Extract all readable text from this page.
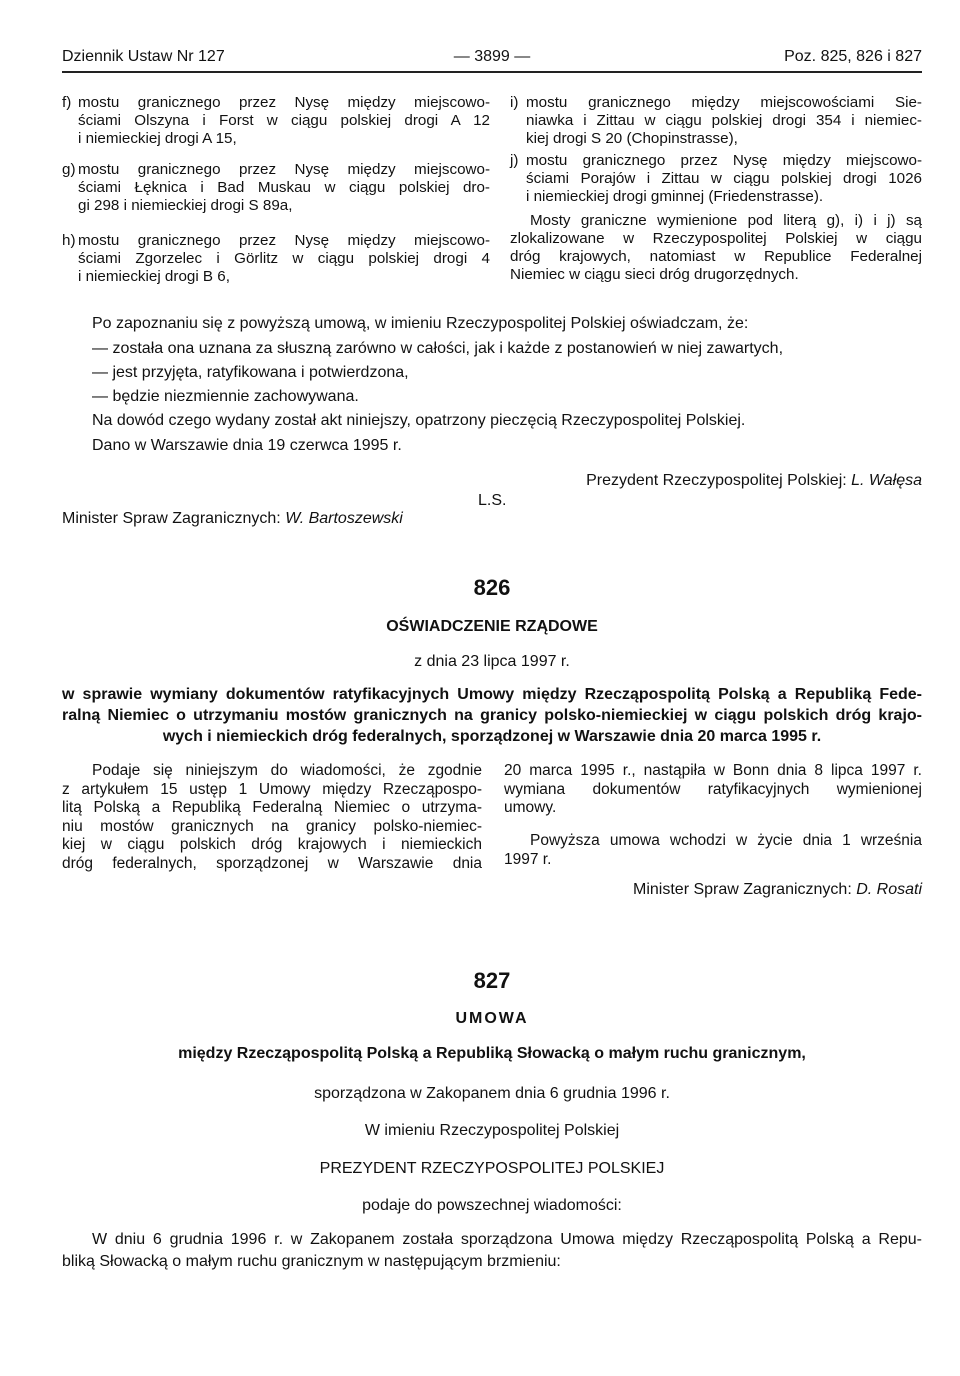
Dziennik Ustaw Nr 127	— 3899 —	Poz. 825, 826 i 827
f) mostu granicznego przez Nysę między miejscowo-
ściami Olszyna i Forst w ciągu polskiej drogi A 12
i niemieckiej drogi A 15,
g) mostu granicznego przez Nysę między miejscowo-
ściami Łęknica i Bad Muskau w ciągu polskiej dro-
gi 298 i niemieckiej drogi S 89a,
h) mostu granicznego przez Nysę między miejscowo-
ściami Zgorzelec i Görlitz w ciągu polskiej drogi 4
i niemieckiej drogi B 6,
i) mostu granicznego między miejscowościami Sie-
niawka i Zittau w ciągu polskiej drogi 354 i niemiec-
kiej drogi S 20 (Chopinstrasse),
j) mostu granicznego przez Nysę między miejscowo-
ściami Porajów i Zittau w ciągu polskiej drogi 1026
i niemieckiej drogi gminnej (Friedenstrasse).
Mosty graniczne wymienione pod literą g), i) i j) są
zlokalizowane w Rzeczypospolitej Polskiej w ciągu
dróg krajowych, natomiast w Republice Federalnej
Niemiec w ciągu sieci dróg drugorzędnych.
Po zapoznaniu się z powyższą umową, w imieniu Rzeczypospolitej Polskiej oświadczam, że:
— została ona uznana za słuszną zarówno w całości, jak i każde z postanowień w niej zawartych,
— jest przyjęta, ratyfikowana i potwierdzona,
— będzie niezmiennie zachowywana.
Na dowód czego wydany został akt niniejszy, opatrzony pieczęcią Rzeczypospolitej Polskiej.
Dano w Warszawie dnia 19 czerwca 1995 r.
Prezydent Rzeczypospolitej Polskiej: L. Wałęsa
L.S.
Minister Spraw Zagranicznych: W. Bartoszewski
826
OŚWIADCZENIE RZĄDOWE
z dnia 23 lipca 1997 r.
w sprawie wymiany dokumentów ratyfikacyjnych Umowy między Rzecząpospolitą Polską a Republiką Fede-
ralną Niemiec o utrzymaniu mostów granicznych na granicy polsko-niemieckiej w ciągu polskich dróg krajo-
wych i niemieckich dróg federalnych, sporządzonej w Warszawie dnia 20 marca 1995 r.
Podaje się niniejszym do wiadomości, że zgodnie
z artykułem 15 ustęp 1 Umowy między Rzecząpospo-
litą Polską a Republiką Federalną Niemiec o utrzyma-
niu mostów granicznych na granicy polsko-niemiec-
kiej w ciągu polskich dróg krajowych i niemieckich
dróg federalnych, sporządzonej w Warszawie dnia
20 marca 1995 r., nastąpiła w Bonn dnia 8 lipca 1997 r.
wymiana dokumentów ratyfikacyjnych wymienionej
umowy.
Powyższa umowa wchodzi w życie dnia 1 września
1997 r.
Minister Spraw Zagranicznych: D. Rosati
827
UMOWA
między Rzecząpospolitą Polską a Republiką Słowacką o małym ruchu granicznym,
sporządzona w Zakopanem dnia 6 grudnia 1996 r.
W imieniu Rzeczypospolitej Polskiej
PREZYDENT RZECZYPOSPOLITEJ POLSKIEJ
podaje do powszechnej wiadomości:
W dniu 6 grudnia 1996 r. w Zakopanem została sporządzona Umowa między Rzecząpospolitą Polską a Repu-
bliką Słowacką o małym ruchu granicznym w następującym brzmieniu:
